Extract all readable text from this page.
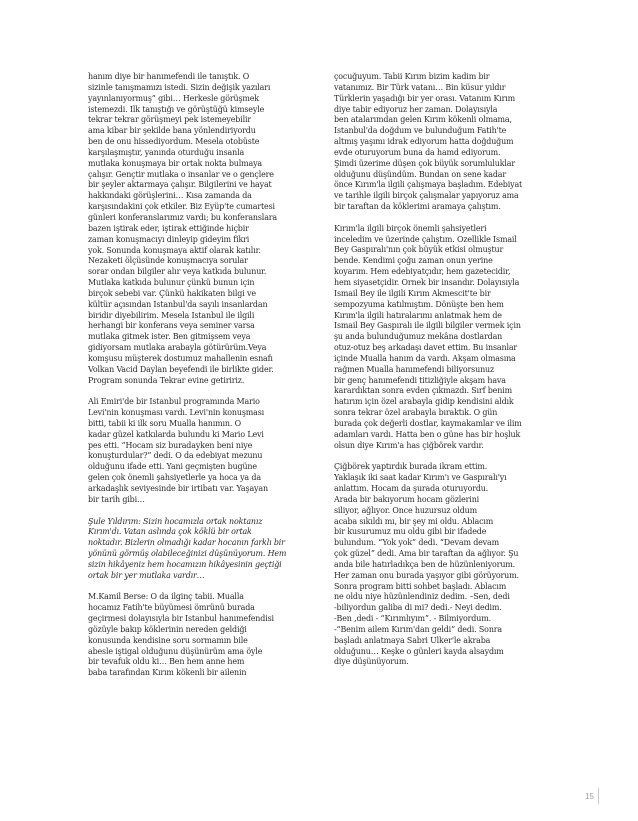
hanım diye bir hanımefendi ile tanıştık. O
sizinle tanışmamızı istedi. Sizin değişik yazıları
yayınlanıyormuş” gibi… Herkesle görüşmek
istemezdi. İlk tanıştığı ve görüştüğü kimseyle
tekrar tekrar görüşmeyi pek istemeyebilir
ama kibar bir şekilde bana yönlendiriyordu
ben de onu hissediyordum. Mesela otobüste
karşılaşmıştır, yanında oturduğu insanla
mutlaka konuşmaya bir ortak nokta bulmaya
çalışır. Gençtir mutlaka o insanlar ve o gençlere
bir şeyler aktarmaya çalışır. Bilgilerini ve hayat
hakkındaki görüşlerini… Kısa zamanda da
karşısındakini çok etkiler. Biz Eyüp'te cumartesi
günleri konferanslarımız vardı; bu konferanslara
bazen iştirak eder, iştirak ettiğinde hiçbir
zaman konuşmacıyı dinleyip gideyim fikri
yok. Sonunda konuşmaya aktif olarak katılır.
Nezaketi ölçüsünde konuşmacıya sorular
sorar ondan bilgiler alır veya katkıda bulunur.
Mutlaka katkıda bulunur çünkü bunun için
birçok sebebi var. Çünkü hakikaten bilgi ve
kültür açısından İstanbul'da sayılı insanlardan
biridir diyebilirim. Mesela İstanbul ile ilgili
herhangi bir konferans veya seminer varsa
mutlaka gitmek ister. Ben gitmişsem veya
gidiyorsam mutlaka arabayla götürürüm.Veya
komşusu müşterek dostumuz mahallenin esnafı
Volkan Vacid Daylan beyefendi ile birlikte gider.
Program sonunda Tekrar evine getiririz.

Ali Emiri'de bir İstanbul programında Mario
Levi'nin konuşması vardı. Levi'nin konuşması
bitti, tabii ki ilk soru Mualla hanımın. O
kadar güzel katkılarda bulundu ki Mario Levi
pes etti. “Hocam siz buradayken beni niye
konuşturdular?” dedi. O da edebiyat mezunu
olduğunu ifade etti. Yani geçmişten bugüne
gelen çok önemli şahsiyetlerle ya hoca ya da
arkadaşlık seviyesinde bir irtibatı var. Yaşayan
bir tarih gibi…

Şule Yıldırım: Sizin hocamızla ortak noktanız
Kırım'dı. Vatan aslında çok köklü bir ortak
noktadır. Bizlerin olmadığı kadar hocanın farklı bir
yönünü görmüş olabileceğinizi düşünüyorum. Hem
sizin hikâyeniz hem hocamızın hikâyesinin geçtiği
ortak bir yer mutlaka vardır…

M.Kamil Berse: O da ilginç tabii. Mualla
hocamız Fatih'te büyümesi ömrünü burada
geçirmesi dolayısıyla bir İstanbul hanımefendisi
gözüyle bakıp köklerinin nereden geldiği
konusunda kendisine soru sormamın bile
abesle iştigal olduğunu düşünürüm ama öyle
bir tevafuk oldu ki… Ben hem anne hem
baba tarafından Kırım kökenli bir ailenin

çocuğuyum. Tabii Kırım bizim kadim bir
vatanımız. Bir Türk vatanı… Bin küsur yıldır
Türklerin yaşadığı bir yer orası. Vatanım Kırım
diye tabir ediyoruz her zaman. Dolayısıyla
ben atalarımdan gelen Kırım kökenli olmama,
İstanbul'da doğdum ve bulunduğum Fatih'te
altmış yaşımı idrak ediyorum hatta doğduğum
evde oturuyorum buna da hamd ediyorum.
Şimdi üzerime düşen çok büyük sorumluluklar
olduğunu düşündüm. Bundan on sene kadar
önce Kırım'la ilgili çalışmaya başladım. Edebiyat
ve tarihle ilgili birçok çalışmalar yapıyoruz ama
bir taraftan da köklerimi aramaya çalıştım.

Kırım'la ilgili birçok önemli şahsiyetleri
inceledim ve üzerinde çalıştım. Özellikle İsmail
Bey Gaspıralı'nın çok büyük etkisi olmuştur
bende. Kendimi çoğu zaman onun yerine
koyarım. Hem edebiyatçıdır, hem gazetecidir,
hem siyasetçidir. Örnek bir insandır. Dolayısıyla
İsmail Bey ile ilgili Kırım Akmescit'te bir
sempozyuma katılmıştım. Dönüşte ben hem
Kırım'la ilgili hatıralarımı anlatmak hem de
İsmail Bey Gaspıralı ile ilgili bilgiler vermek için
şu anda bulunduğumuz mekâna dostlardan
otuz-otuz beş arkadaşı davet ettim. Bu insanlar
içinde Mualla hanım da vardı. Akşam olmasına
rağmen Mualla hanımefendi biliyorsunuz
bir genç hanımefendi titizliğiyle akşam hava
karardıktan sonra evden çıkmazdı. Sırf benim
hatırım için özel arabayla gidip kendisini aldık
sonra tekrar özel arabayla bıraktık. O gün
burada çok değerli dostlar, kaymakamlar ve ilim
adamları vardı. Hatta ben o güne has bir hoşluk
olsun diye Kırım'a has çiğbörek vardır.

Çiğbörek yaptırdık burada ikram ettim.
Yaklaşık iki saat kadar Kırım'ı ve Gaspıralı'yı
anlattım. Hocam da şurada oturuyordu.
Arada bir bakıyorum hocam gözlerini
siliyor, ağlıyor. Önce huzursuz oldum
acaba sıkıldı mı, bir şey mi oldu. Ablacım
bir kusurumuz mu oldu gibi bir ifadede
bulundum. “Yok yok” dedi. “Devam devam
çok güzel” dedi. Ama bir taraftan da ağlıyor. Şu
anda bile hatırladıkça ben de hüzünleniyorum.
Her zaman onu burada yaşıyor gibi görüyorum.
Sonra program bitti sohbet başladı. Ablacım
ne oldu niye hüzünlendiniz dedim. –Sen, dedi
-biliyordun galiba di mi? dedi.- Neyi dedim.
-Ben ,dedi - “Kırımlıyım”. - Bilmiyordum.
-“Benim ailem Kırım'dan geldi” dedi. Sonra
başladı anlatmaya Sabri Ülker'le akraba
olduğunu… Keşke o günleri kayda alsaydım
diye düşünüyorum.

15
